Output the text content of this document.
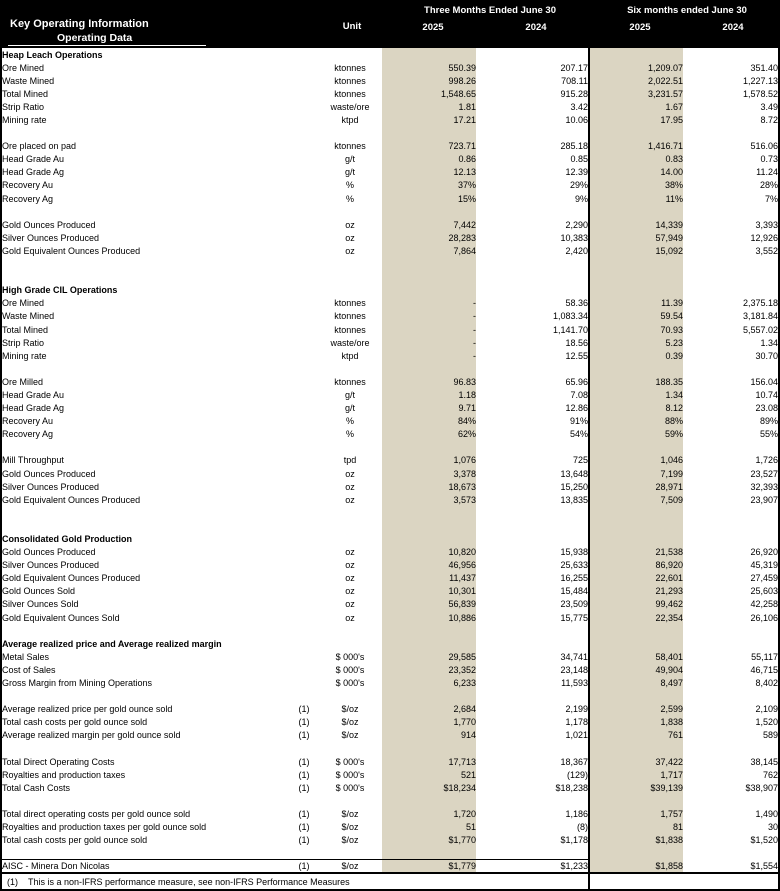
Key Operating Information
Operating Data
Unit
Three Months Ended June 30	Six months ended June 30
2025	2024	2025	2024
Heap Leach Operations							
Ore Mined		ktonnes	550.39	207.17		1,209.07	351.40
Waste Mined		ktonnes	998.26	708.11		2,022.51	1,227.13
Total Mined		ktonnes	1,548.65	915.28		3,231.57	1,578.52
Strip Ratio		waste/ore	1.81	3.42		1.67	3.49
Mining rate		ktpd	17.21	10.06		17.95	8.72

Ore placed on pad		ktonnes	723.71	285.18		1,416.71	516.06
Head Grade Au		g/t	0.86	0.85		0.83	0.73
Head Grade Ag		g/t	12.13	12.39		14.00	11.24
Recovery Au		%	37%	29%		38%	28%
Recovery Ag		%	15%	9%		11%	7%

Gold Ounces Produced		oz	7,442	2,290		14,339	3,393
Silver Ounces Produced		oz	28,283	10,383		57,949	12,926
Gold Equivalent Ounces Produced		oz	7,864	2,420		15,092	3,552

High Grade CIL Operations							
Ore Mined		ktonnes	-	58.36		11.39	2,375.18
Waste Mined		ktonnes	-	1,083.34		59.54	3,181.84
Total Mined		ktonnes	-	1,141.70		70.93	5,557.02
Strip Ratio		waste/ore	-	18.56		5.23	1.34
Mining rate		ktpd	-	12.55		0.39	30.70

Ore Milled		ktonnes	96.83	65.96		188.35	156.04
Head Grade Au		g/t	1.18	7.08		1.34	10.74
Head Grade Ag		g/t	9.71	12.86		8.12	23.08
Recovery Au		%	84%	91%		88%	89%
Recovery Ag		%	62%	54%		59%	55%

Mill Throughput		tpd	1,076	725		1,046	1,726
Gold Ounces Produced		oz	3,378	13,648		7,199	23,527
Silver Ounces Produced		oz	18,673	15,250		28,971	32,393
Gold Equivalent Ounces Produced		oz	3,573	13,835		7,509	23,907

Consolidated Gold Production							
Gold Ounces Produced		oz	10,820	15,938		21,538	26,920
Silver Ounces Produced		oz	46,956	25,633		86,920	45,319
Gold Equivalent Ounces Produced		oz	11,437	16,255		22,601	27,459
Gold Ounces Sold		oz	10,301	15,484		21,293	25,603
Silver Ounces Sold		oz	56,839	23,509		99,462	42,258
Gold Equivalent Ounces Sold		oz	10,886	15,775		22,354	26,106

Average realized price and Average realized margin							
Metal Sales		$ 000's	29,585	34,741		58,401	55,117
Cost of Sales		$ 000's	23,352	23,148		49,904	46,715
Gross Margin from Mining Operations		$ 000's	6,233	11,593		8,497	8,402

Average realized price per gold ounce sold	(1)	$/oz	2,684	2,199		2,599	2,109
Total cash costs per gold ounce sold	(1)	$/oz	1,770	1,178		1,838	1,520
Average realized margin per gold ounce sold	(1)	$/oz	914	1,021		761	589

Total Direct Operating Costs	(1)	$ 000's	17,713	18,367		37,422	38,145
Royalties and production taxes	(1)	$ 000's	521	(129)		1,717	762
Total Cash Costs	(1)	$ 000's	$18,234	$18,238		$39,139	$38,907

Total direct operating costs per gold ounce sold	(1)	$/oz	1,720	1,186		1,757	1,490
Royalties and production taxes per gold ounce sold	(1)	$/oz	51	(8)		81	30
Total cash costs per gold ounce sold	(1)	$/oz	$1,770	$1,178		$1,838	$1,520

AISC - Minera Don Nicolas	(1)	$/oz	$1,779	$1,233		$1,858	$1,554
(1) This is a non-IFRS performance measure, see non-IFRS Performance Measures							
